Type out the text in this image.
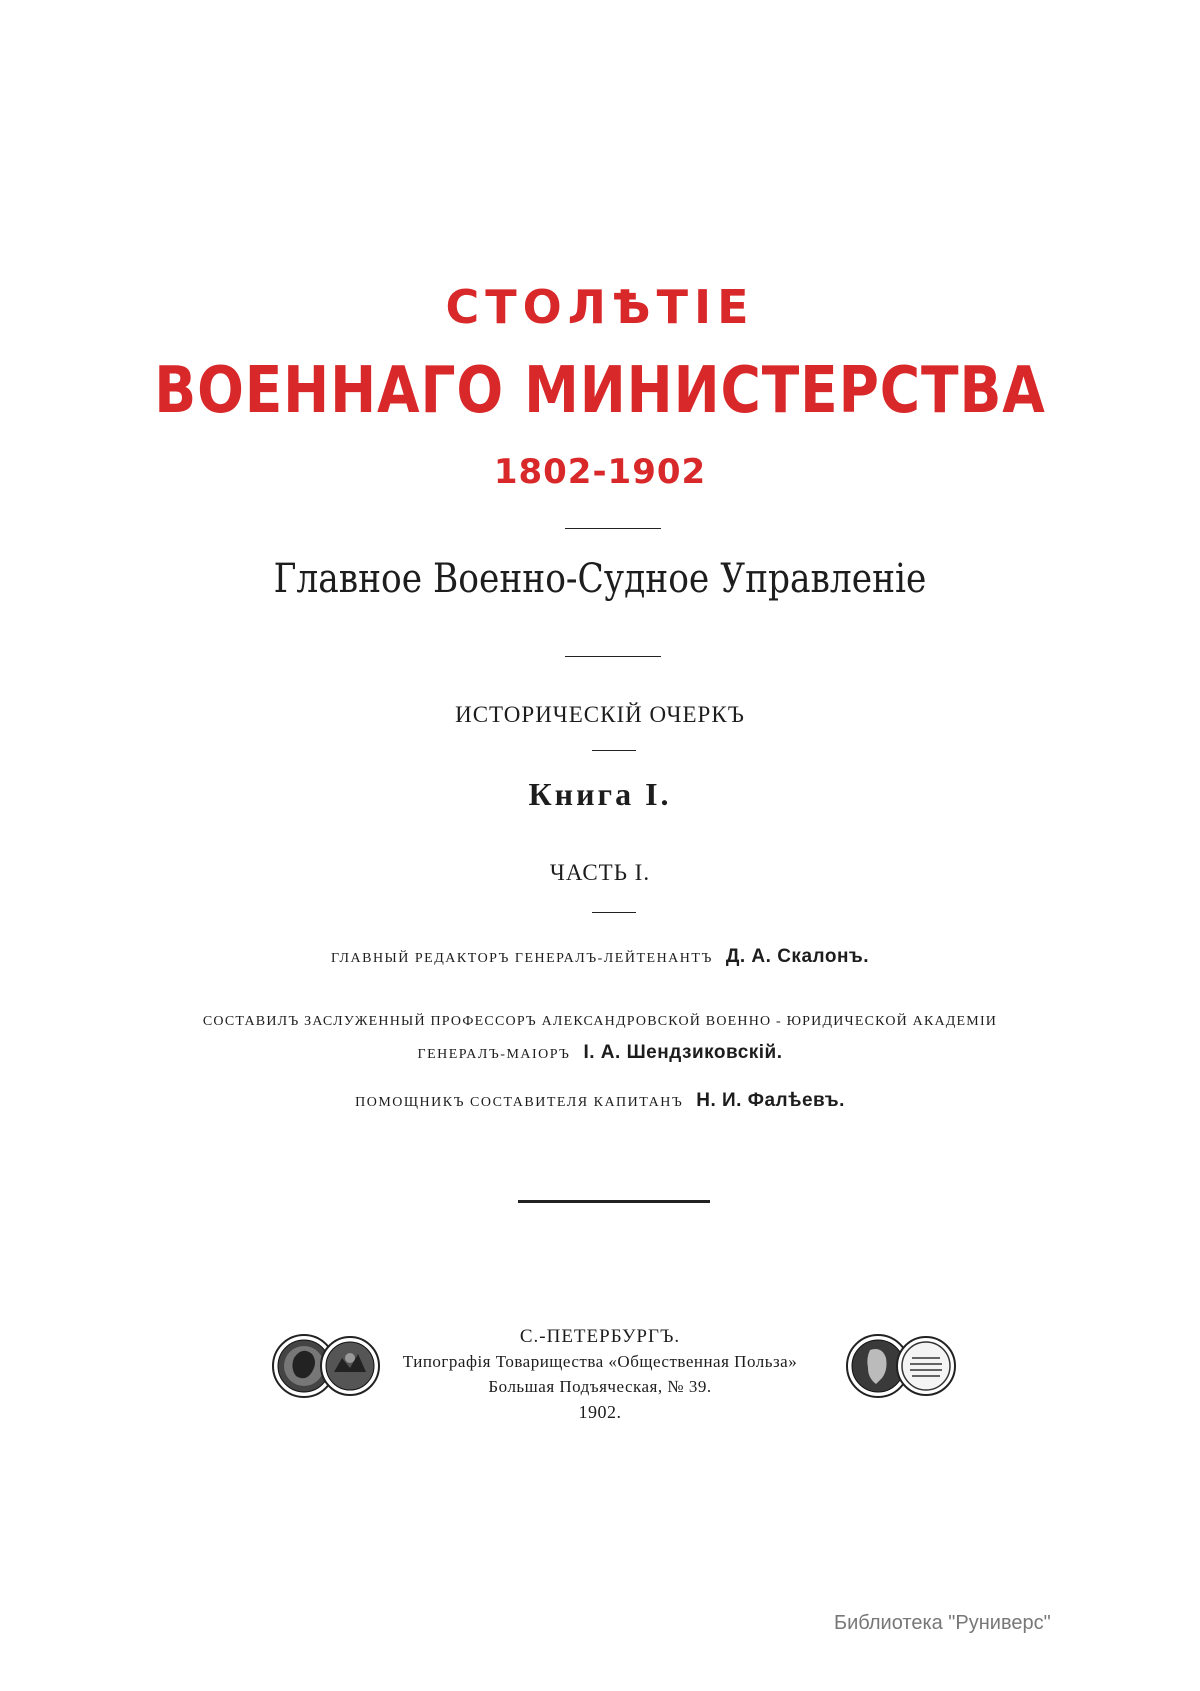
СТОЛѢТІЕ
ВОЕННАГО МИНИСТЕРСТВА
1802-1902
Главное Военно-Судное Управленіе
ИСТОРИЧЕСКІЙ ОЧЕРКЪ
Книга I.
ЧАСТЬ I.
ГЛАВНЫЙ РЕДАКТОРЪ ГЕНЕРАЛЪ-ЛЕЙТЕНАНТЪ Д. А. Скалонъ.
СОСТАВИЛЪ ЗАСЛУЖЕННЫЙ ПРОФЕССОРЪ АЛЕКСАНДРОВСКОЙ ВОЕННО - ЮРИДИЧЕСКОЙ АКАДЕМІИ
ГЕНЕРАЛЪ-МАІОРЪ I. А. Шендзиковскій.
ПОМОЩНИКЪ СОСТАВИТЕЛЯ КАПИТАНЪ Н. И. Фалѣевъ.
С.-ПЕТЕРБУРГЪ.
Типографія Товарищества «Общественная Польза»
Большая Подъяческая, № 39.
1902.
Библиотека "Руниверс"
